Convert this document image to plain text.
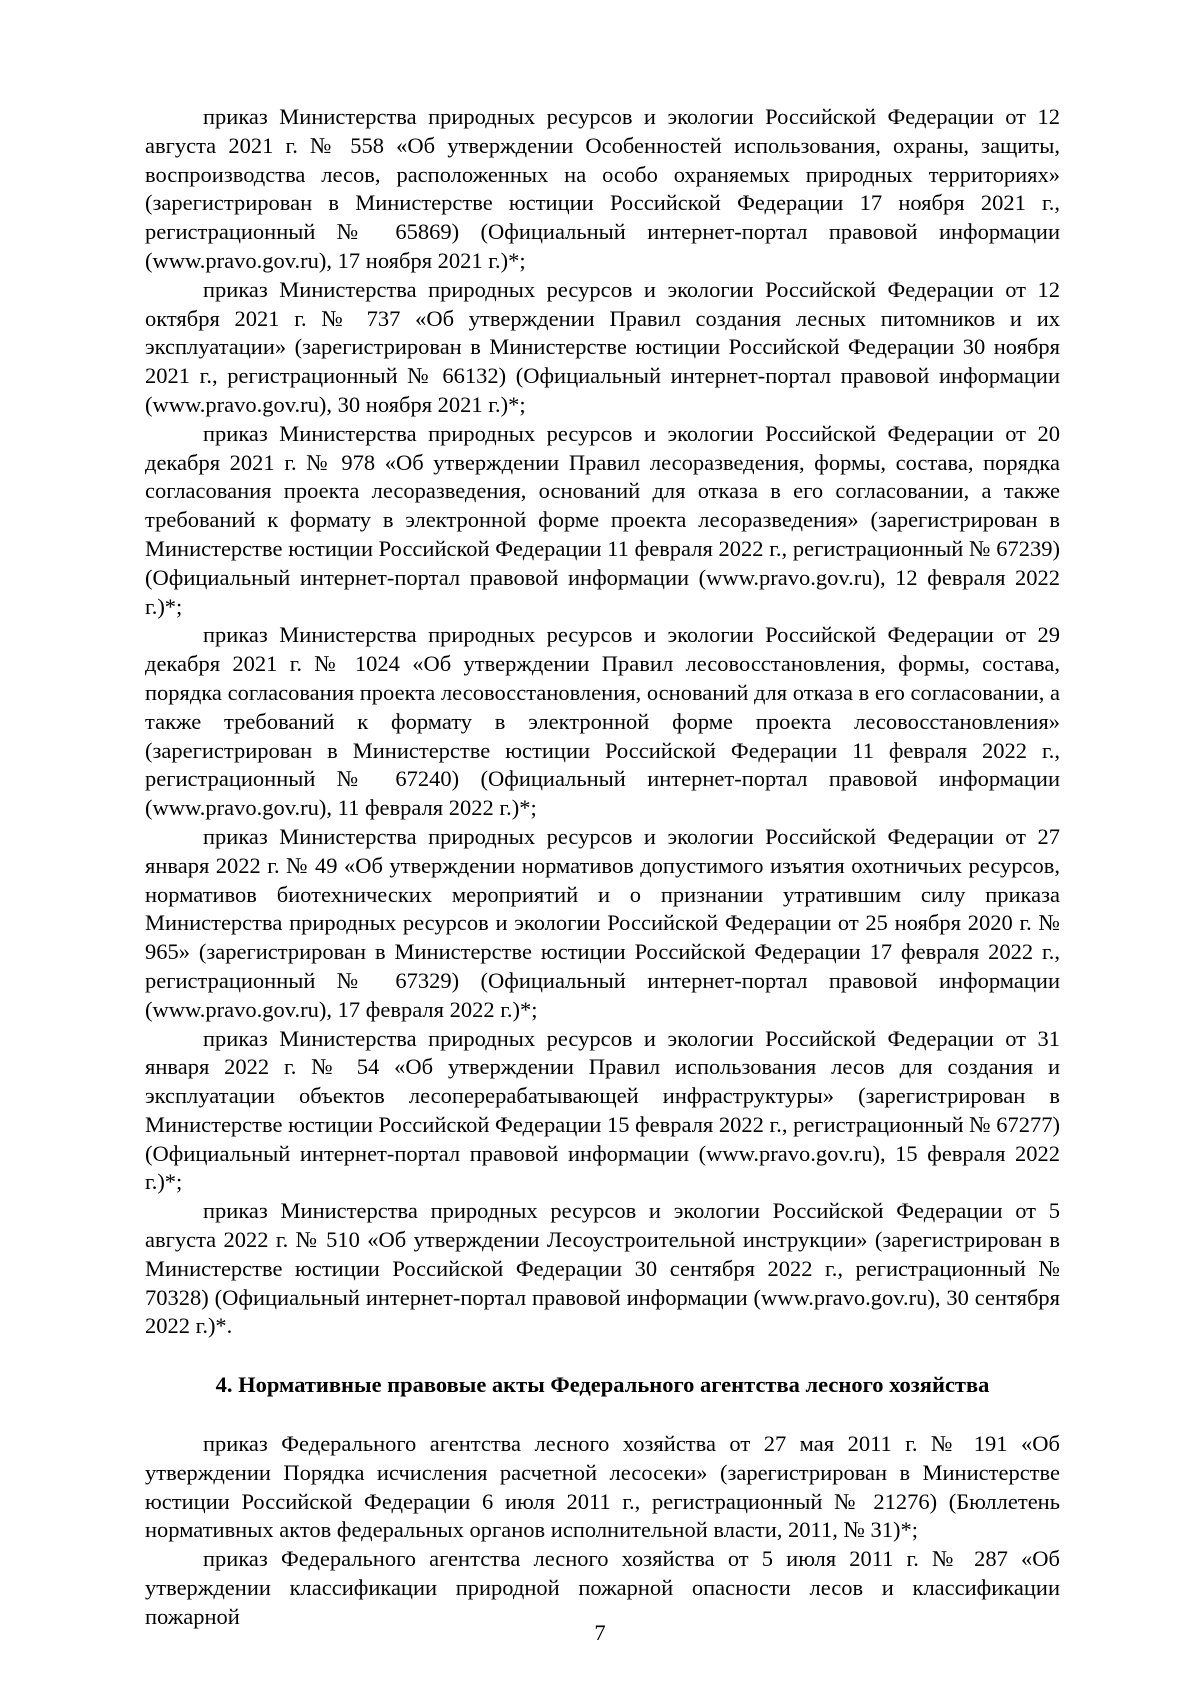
приказ Министерства природных ресурсов и экологии Российской Федерации от 12 августа 2021 г. № 558 «Об утверждении Особенностей использования, охраны, защиты, воспроизводства лесов, расположенных на особо охраняемых природных территориях» (зарегистрирован в Министерстве юстиции Российской Федерации 17 ноября 2021 г., регистрационный № 65869) (Официальный интернет-портал правовой информации (www.pravo.gov.ru), 17 ноября 2021 г.)*;

приказ Министерства природных ресурсов и экологии Российской Федерации от 12 октября 2021 г. № 737 «Об утверждении Правил создания лесных питомников и их эксплуатации» (зарегистрирован в Министерстве юстиции Российской Федерации 30 ноября 2021 г., регистрационный № 66132) (Официальный интернет-портал правовой информации (www.pravo.gov.ru), 30 ноября 2021 г.)*;

приказ Министерства природных ресурсов и экологии Российской Федерации от 20 декабря 2021 г. № 978 «Об утверждении Правил лесоразведения, формы, состава, порядка согласования проекта лесоразведения, оснований для отказа в его согласовании, а также требований к формату в электронной форме проекта лесоразведения» (зарегистрирован в Министерстве юстиции Российской Федерации 11 февраля 2022 г., регистрационный № 67239) (Официальный интернет-портал правовой информации (www.pravo.gov.ru), 12 февраля 2022 г.)*;

приказ Министерства природных ресурсов и экологии Российской Федерации от 29 декабря 2021 г. № 1024 «Об утверждении Правил лесовосстановления, формы, состава, порядка согласования проекта лесовосстановления, оснований для отказа в его согласовании, а также требований к формату в электронной форме проекта лесовосстановления» (зарегистрирован в Министерстве юстиции Российской Федерации 11 февраля 2022 г., регистрационный № 67240) (Официальный интернет-портал правовой информации (www.pravo.gov.ru), 11 февраля 2022 г.)*;

приказ Министерства природных ресурсов и экологии Российской Федерации от 27 января 2022 г. № 49 «Об утверждении нормативов допустимого изъятия охотничьих ресурсов, нормативов биотехнических мероприятий и о признании утратившим силу приказа Министерства природных ресурсов и экологии Российской Федерации от 25 ноября 2020 г. № 965» (зарегистрирован в Министерстве юстиции Российской Федерации 17 февраля 2022 г., регистрационный № 67329) (Официальный интернет-портал правовой информации (www.pravo.gov.ru), 17 февраля 2022 г.)*;

приказ Министерства природных ресурсов и экологии Российской Федерации от 31 января 2022 г. № 54 «Об утверждении Правил использования лесов для создания и эксплуатации объектов лесоперерабатывающей инфраструктуры» (зарегистрирован в Министерстве юстиции Российской Федерации 15 февраля 2022 г., регистрационный № 67277) (Официальный интернет-портал правовой информации (www.pravo.gov.ru), 15 февраля 2022 г.)*;

приказ Министерства природных ресурсов и экологии Российской Федерации от 5 августа 2022 г. № 510 «Об утверждении Лесоустроительной инструкции» (зарегистрирован в Министерстве юстиции Российской Федерации 30 сентября 2022 г., регистрационный № 70328) (Официальный интернет-портал правовой информации (www.pravo.gov.ru), 30 сентября 2022 г.)*.

4. Нормативные правовые акты Федерального агентства лесного хозяйства

приказ Федерального агентства лесного хозяйства от 27 мая 2011 г. № 191 «Об утверждении Порядка исчисления расчетной лесосеки» (зарегистрирован в Министерстве юстиции Российской Федерации 6 июля 2011 г., регистрационный № 21276) (Бюллетень нормативных актов федеральных органов исполнительной власти, 2011, № 31)*;

приказ Федерального агентства лесного хозяйства от 5 июля 2011 г. № 287 «Об утверждении классификации природной пожарной опасности лесов и классификации пожарной

7
